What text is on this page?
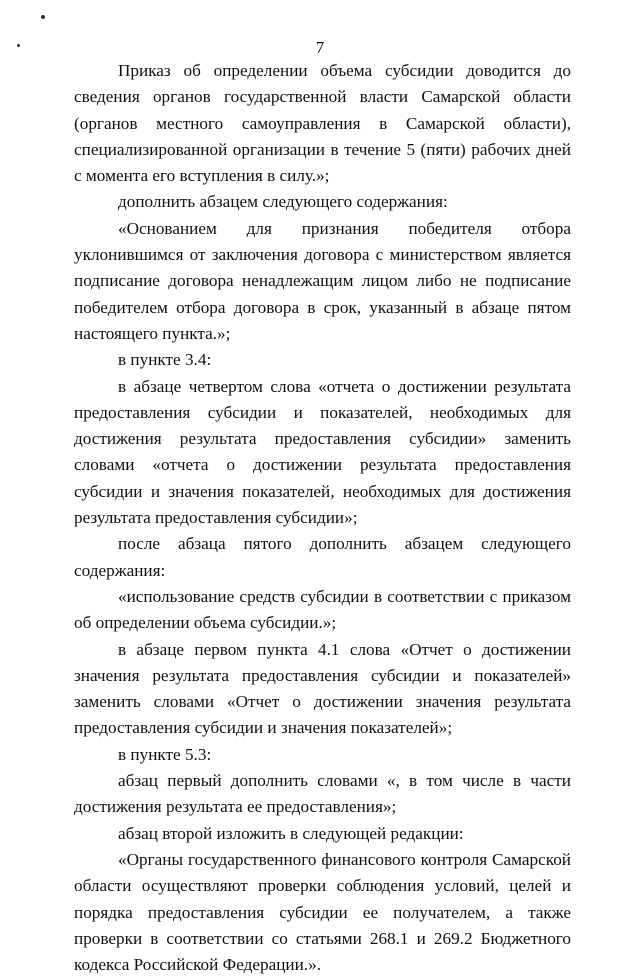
7

Приказ об определении объема субсидии доводится до сведения органов государственной власти Самарской области (органов местного самоуправления в Самарской области), специализированной организации в течение 5 (пяти) рабочих дней с момента его вступления в силу.»;

дополнить абзацем следующего содержания:

«Основанием для признания победителя отбора уклонившимся от заключения договора с министерством является подписание договора ненадлежащим лицом либо не подписание победителем отбора договора в срок, указанный в абзаце пятом настоящего пункта.»;

в пункте 3.4:

в абзаце четвертом слова «отчета о достижении результата предоставления субсидии и показателей, необходимых для достижения результата предоставления субсидии» заменить словами «отчета о достижении результата предоставления субсидии и значения показателей, необходимых для достижения результата предоставления субсидии»;

после абзаца пятого дополнить абзацем следующего содержания:

«использование средств субсидии в соответствии с приказом об определении объема субсидии.»;

в абзаце первом пункта 4.1 слова «Отчет о достижении значения результата предоставления субсидии и показателей» заменить словами «Отчет о достижении значения результата предоставления субсидии и значения показателей»;

в пункте 5.3:

абзац первый дополнить словами «, в том числе в части достижения результата ее предоставления»;

абзац второй изложить в следующей редакции:

«Органы государственного финансового контроля Самарской области осуществляют проверки соблюдения условий, целей и порядка предоставления субсидии ее получателем, а также проверки в соответствии со статьями 268.1 и 269.2 Бюджетного кодекса Российской Федерации.».
